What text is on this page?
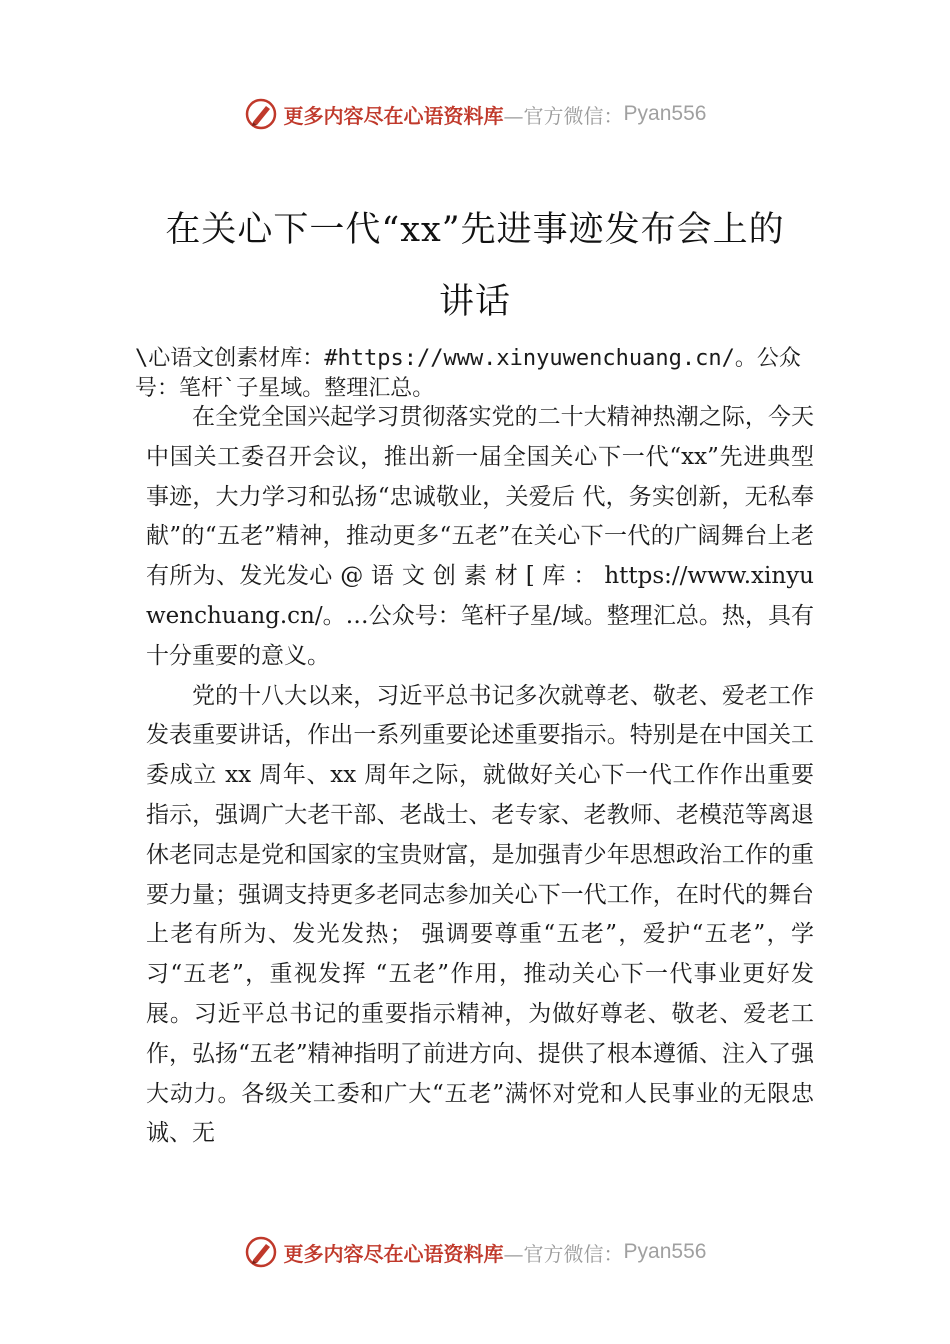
更多内容尽在心语资料库 —官方微信： Pyan556
在关心下一代“xx”先进事迹发布会上的
讲话
\心语文创素材库：#https://www.xinyuwenchuang.cn/。公众号：笔杆`子星域。整理汇总。

在全党全国兴起学习贯彻落实党的二十大精神热潮之际，今天中国关工委召开会议，推出新一届全国关心下一代“xx”先进典型事迹，大力学习和弘扬“忠诚敬业，关爱后 代，务实创新，无私奉献”的“五老”精神，推动更多“五老”在关心下一代的广阔舞台上老有所为、发光发心 @ 语 文 创 素 材 [ 库 ： https://www.xinyuwenchuang.cn/。…公众号：笔杆子星/域。整理汇总。热，具有十分重要的意义。

党的十八大以来，习近平总书记多次就尊老、敬老、爱老工作发表重要讲话，作出一系列重要论述重要指示。特别是在中国关工委成立 xx 周年、xx 周年之际，就做好关心下一代工作作出重要指示，强调广大老干部、老战士、老专家、老教师、老模范等离退休老同志是党和国家的宝贵财富，是加强青少年思想政治工作的重要力量；强调支持更多老同志参加关心下一代工作，在时代的舞台上老有所为、发光发热； 强调要尊重“五老”，爱护“五老”，学习“五老”，重视发挥 “五老”作用，推动关心下一代事业更好发展。习近平总书记的重要指示精神，为做好尊老、敬老、爱老工作，弘扬“五老”精神指明了前进方向、提供了根本遵循、注入了强大动力。各级关工委和广大“五老”满怀对党和人民事业的无限忠诚、无

更多内容尽在心语资料库 —官方微信： Pyan556
